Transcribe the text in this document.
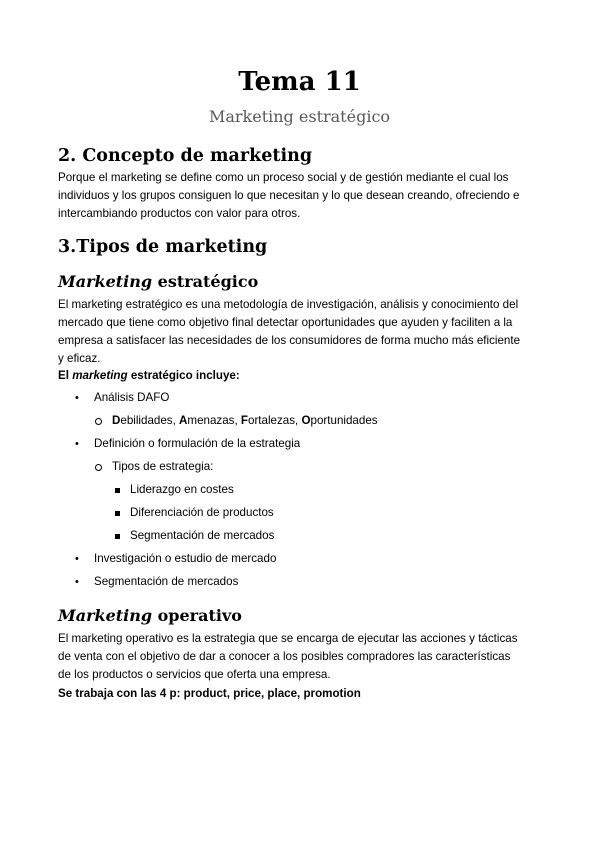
Tema 11
Marketing estratégico
2. Concepto de marketing
Porque el marketing se define como un proceso social y de gestión mediante el cual los
individuos y los grupos consiguen lo que necesitan y lo que desean creando, ofreciendo e
intercambiando productos con valor para otros.
3.Tipos de marketing
Marketing estratégico
El marketing estratégico es una metodología de investigación, análisis y conocimiento del
mercado que tiene como objetivo final detectar oportunidades que ayuden y faciliten a la
empresa a satisfacer las necesidades de los consumidores de forma mucho más eficiente
y eficaz.
El marketing estratégico incluye:
• Análisis DAFO
Debilidades, Amenazas, Fortalezas, Oportunidades
• Definición o formulación de la estrategia
Tipos de estrategia:
Liderazgo en costes
Diferenciación de productos
Segmentación de mercados
• Investigación o estudio de mercado
• Segmentación de mercados
Marketing operativo
El marketing operativo es la estrategia que se encarga de ejecutar las acciones y tácticas
de venta con el objetivo de dar a conocer a los posibles compradores las características
de los productos o servicios que oferta una empresa.
Se trabaja con las 4 p: product, price, place, promotion
